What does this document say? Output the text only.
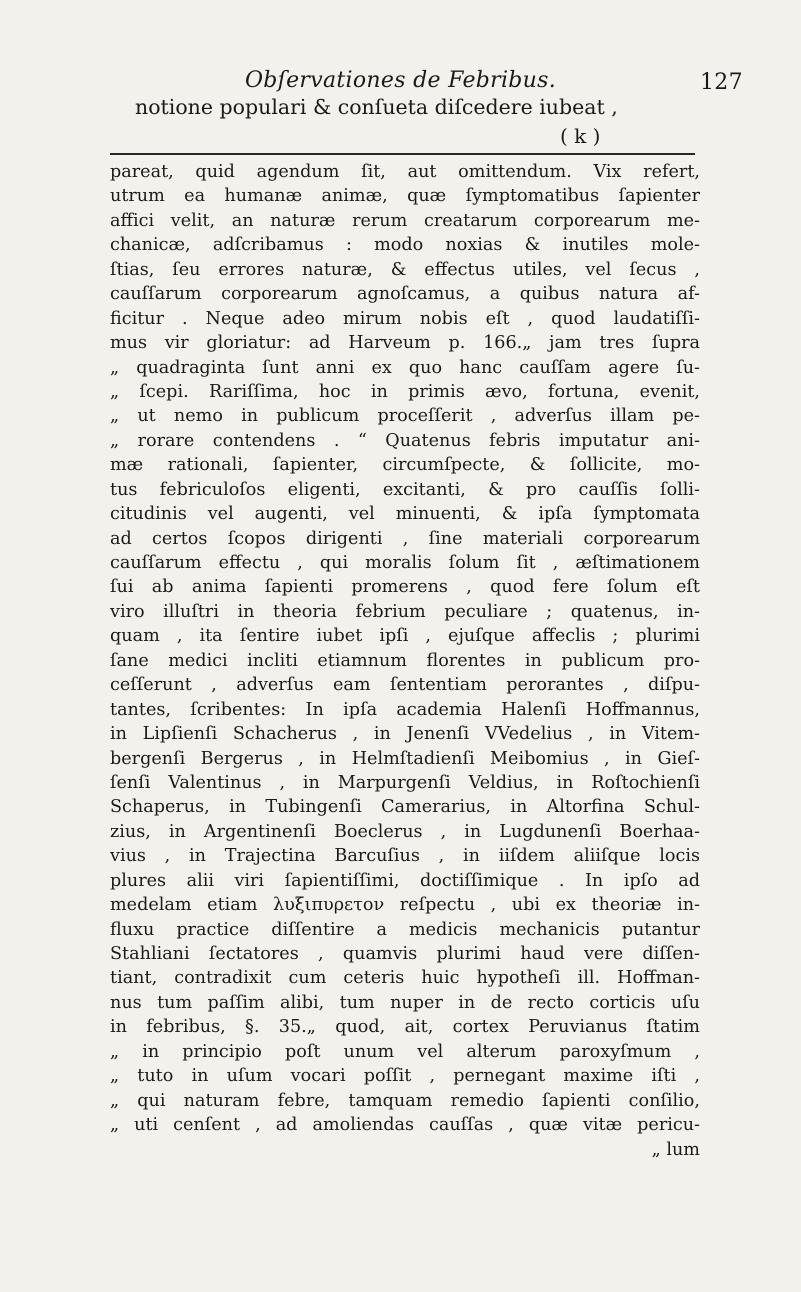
Obſervationes de Febribus.	127
notione populari & conſueta diſcedere iubeat ,
( k )
pareat, quid agendum ſit, aut omittendum. Vix refert,
utrum ea humanæ animæ, quæ ſymptomatibus ſapienter
affici velit, an naturæ rerum creatarum corporearum me-
chanicæ, adſcribamus : modo noxias & inutiles mole-
ſtias, ſeu errores naturæ, & effectus utiles, vel ſecus ,
cauſſarum corporearum agnoſcamus, a quibus natura af-
ficitur . Neque adeo mirum nobis eſt , quod laudatiſſi-
mus vir gloriatur: ad Harveum p. 166.„ jam tres ſupra
„ quadraginta ſunt anni ex quo hanc cauſſam agere ſu-
„ ſcepi. Rariſſima, hoc in primis ævo, fortuna, evenit,
„ ut nemo in publicum proceſſerit , adverſus illam pe-
„ rorare contendens . “ Quatenus febris imputatur ani-
mæ rationali, ſapienter, circumſpecte, & ſollicite, mo-
tus febriculoſos eligenti, excitanti, & pro cauſſis ſolli-
citudinis vel augenti, vel minuenti, & ipſa ſymptomata
ad certos ſcopos dirigenti , ſine materiali corporearum
cauſſarum effectu , qui moralis ſolum ſit , æſtimationem
ſui ab anima ſapienti promerens , quod fere ſolum eſt
viro illuſtri in theoria febrium peculiare ; quatenus, in-
quam , ita ſentire iubet ipſi , ejuſque affeclis ; plurimi
ſane medici incliti etiamnum florentes in publicum pro-
ceſſerunt , adverſus eam ſententiam perorantes , diſpu-
tantes, ſcribentes: In ipſa academia Halenſi Hoffmannus,
in Lipſienſi Schacherus , in Jenenſi VVedelius , in Vitem-
bergenſi Bergerus , in Helmſtadienſi Meibomius , in Gieſ-
ſenſi Valentinus , in Marpurgenſi Veldius, in Roſtochienſi
Schaperus, in Tubingenſi Camerarius, in Altorfina Schul-
zius, in Argentinenſi Boeclerus , in Lugdunenſi Boerhaa-
vius , in Trajectina Barcuſius , in iiſdem aliiſque locis
plures alii viri ſapientiſſimi, doctiſſimique . In ipſo ad
medelam etiam λυξιπυρετον reſpectu , ubi ex theoriæ in-
fluxu practice diſſentire a medicis mechanicis putantur
Stahliani ſectatores , quamvis plurimi haud vere diſſen-
tiant, contradixit cum ceteris huic hypotheſi ill. Hoffman-
nus tum paſſim alibi, tum nuper in de recto corticis uſu
in febribus, §. 35.„ quod, ait, cortex Peruvianus ſtatim
„ in principio poſt unum vel alterum paroxyſmum ,
„ tuto in uſum vocari poſſit , pernegant maxime iſti ,
„ qui naturam febre, tamquam remedio ſapienti conſilio,
„ uti cenſent , ad amoliendas cauſſas , quæ vitæ pericu-
„ lum
